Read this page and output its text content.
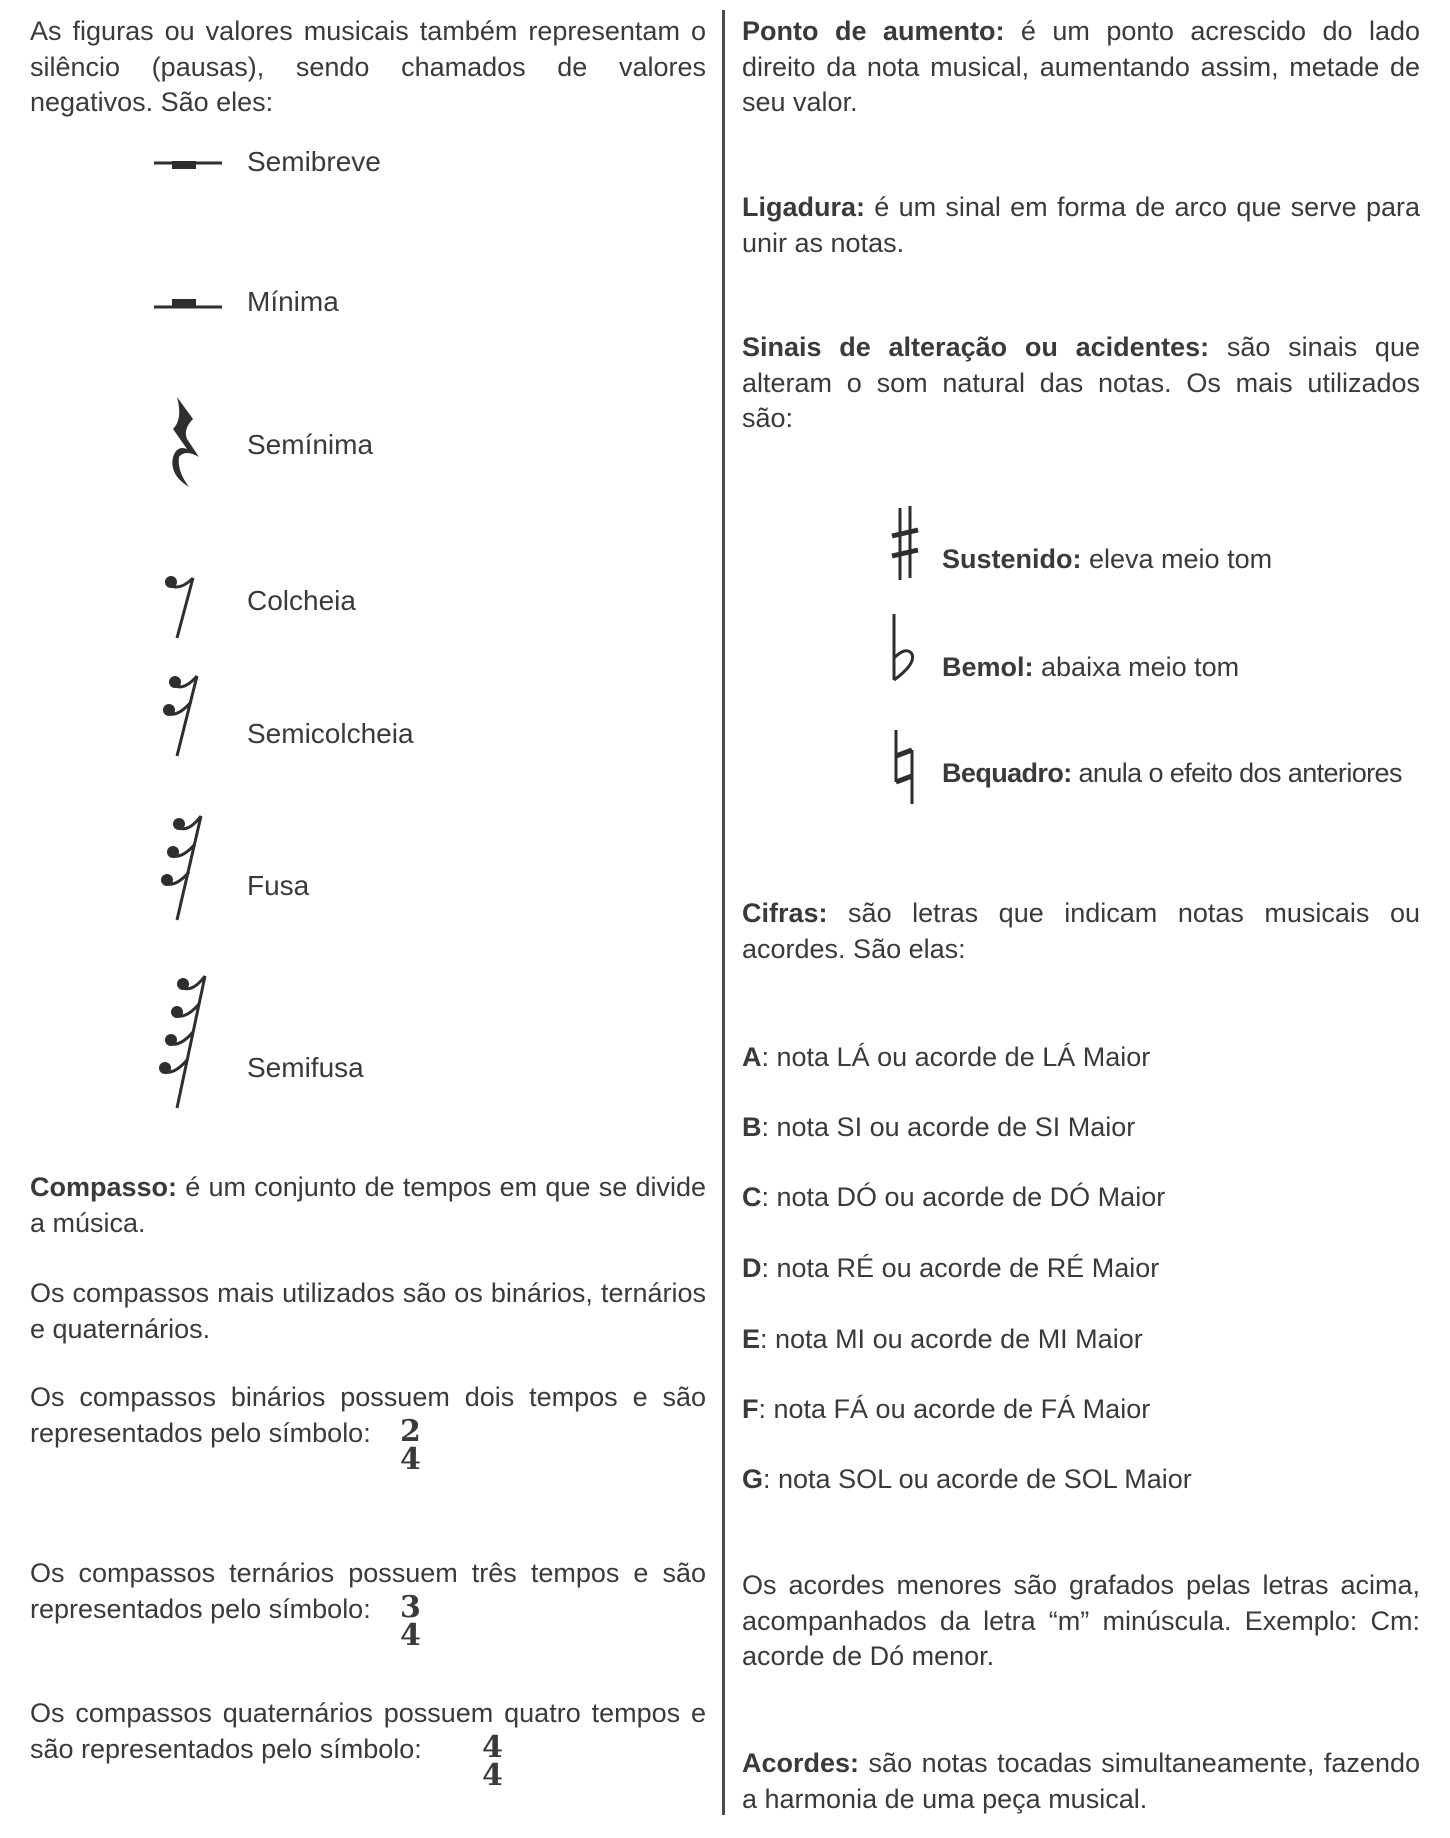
As figuras ou valores musicais também representam o silêncio (pausas), sendo chamados de valores negativos. São eles:

Semibreve
Mínima
Semínima
Colcheia
Semicolcheia
Fusa
Semifusa

Compasso: é um conjunto de tempos em que se divide a música.

Os compassos mais utilizados são os binários, ternários e quaternários.

Os compassos binários possuem dois tempos e são representados pelo símbolo: 2
4

Os compassos ternários possuem três tempos e são representados pelo símbolo: 3
4

Os compassos quaternários possuem quatro tempos e são representados pelo símbolo:	4
4

Ponto de aumento: é um ponto acrescido do lado direito da nota musical, aumentando assim, metade de seu valor.

Ligadura: é um sinal em forma de arco que serve para unir as notas.

Sinais de alteração ou acidentes: são sinais que alteram o som natural das notas. Os mais utilizados são:

Sustenido: eleva meio tom
Bemol: abaixa meio tom
Bequadro: anula o efeito dos anteriores

Cifras: são letras que indicam notas musicais ou acordes. São elas:

A: nota LÁ ou acorde de LÁ Maior
B: nota SI ou acorde de SI Maior
C: nota DÓ ou acorde de DÓ Maior
D: nota RÉ ou acorde de RÉ Maior
E: nota MI ou acorde de MI Maior
F: nota FÁ ou acorde de FÁ Maior
G: nota SOL ou acorde de SOL Maior

Os acordes menores são grafados pelas letras acima, acompanhados da letra “m” minúscula. Exemplo: Cm: acorde de Dó menor.

Acordes: são notas tocadas simultaneamente, fazendo a harmonia de uma peça musical.
